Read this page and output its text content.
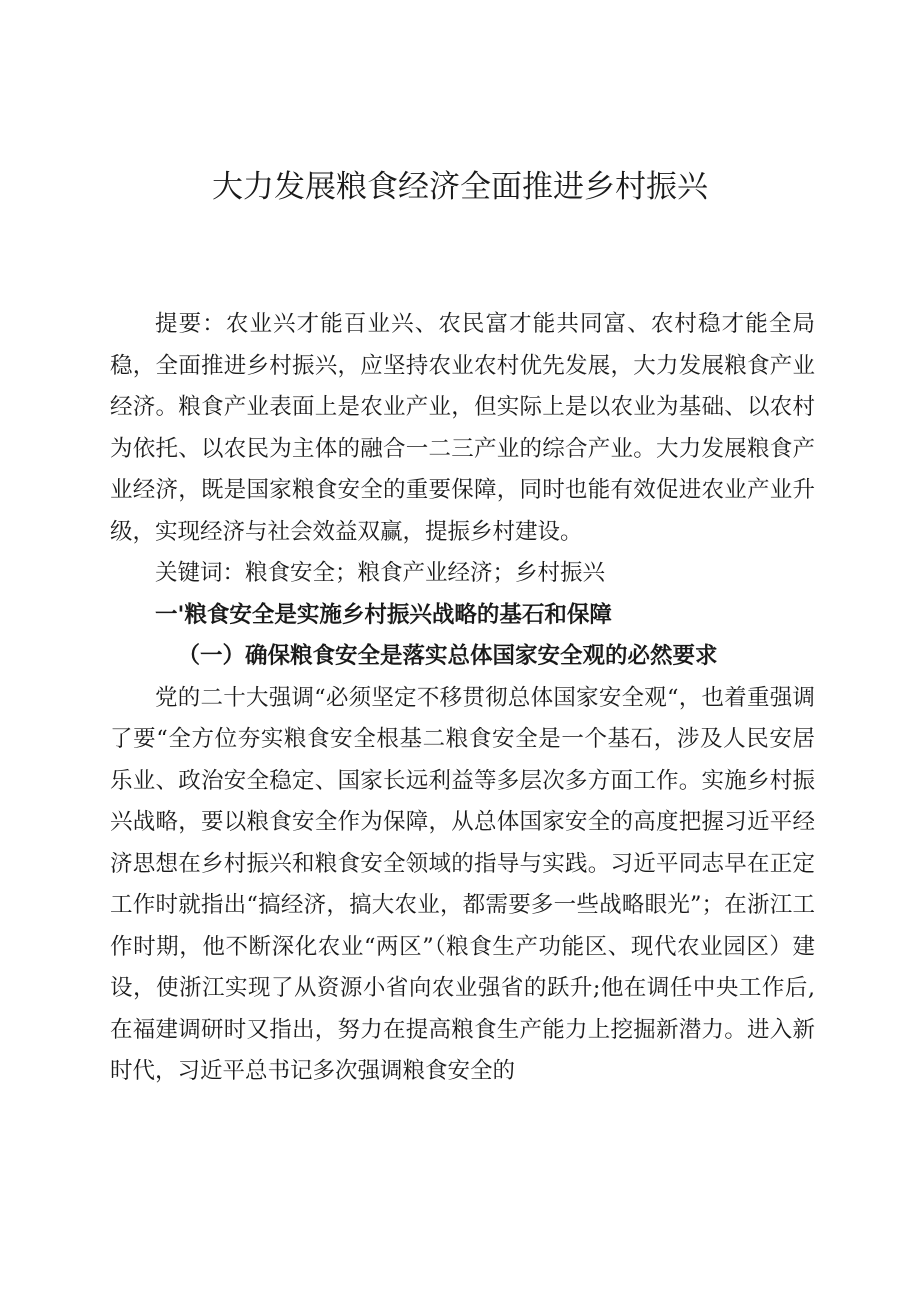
大力发展粮食经济全面推进乡村振兴

提要：农业兴才能百业兴、农民富才能共同富、农村稳才能全局稳，全面推进乡村振兴，应坚持农业农村优先发展，大力发展粮食产业经济。粮食产业表面上是农业产业，但实际上是以农业为基础、以农村为依托、以农民为主体的融合一二三产业的综合产业。大力发展粮食产业经济，既是国家粮食安全的重要保障，同时也能有效促进农业产业升级，实现经济与社会效益双赢，提振乡村建设。

关键词：粮食安全；粮食产业经济；乡村振兴

一'粮食安全是实施乡村振兴战略的基石和保障

（一）确保粮食安全是落实总体国家安全观的必然要求

党的二十大强调“必须坚定不移贯彻总体国家安全观“，也着重强调了要“全方位夯实粮食安全根基二粮食安全是一个基石，涉及人民安居乐业、政治安全稳定、国家长远利益等多层次多方面工作。实施乡村振兴战略，要以粮食安全作为保障，从总体国家安全的高度把握习近平经济思想在乡村振兴和粮食安全领域的指导与实践。习近平同志早在正定工作时就指出“搞经济，搞大农业，都需要多一些战略眼光”；在浙江工作时期，他不断深化农业“两区”（粮食生产功能区、现代农业园区）建设，使浙江实现了从资源小省向农业强省的跃升;他在调任中央工作后,在福建调研时又指出，努力在提高粮食生产能力上挖掘新潜力。进入新时代，习近平总书记多次强调粮食安全的
